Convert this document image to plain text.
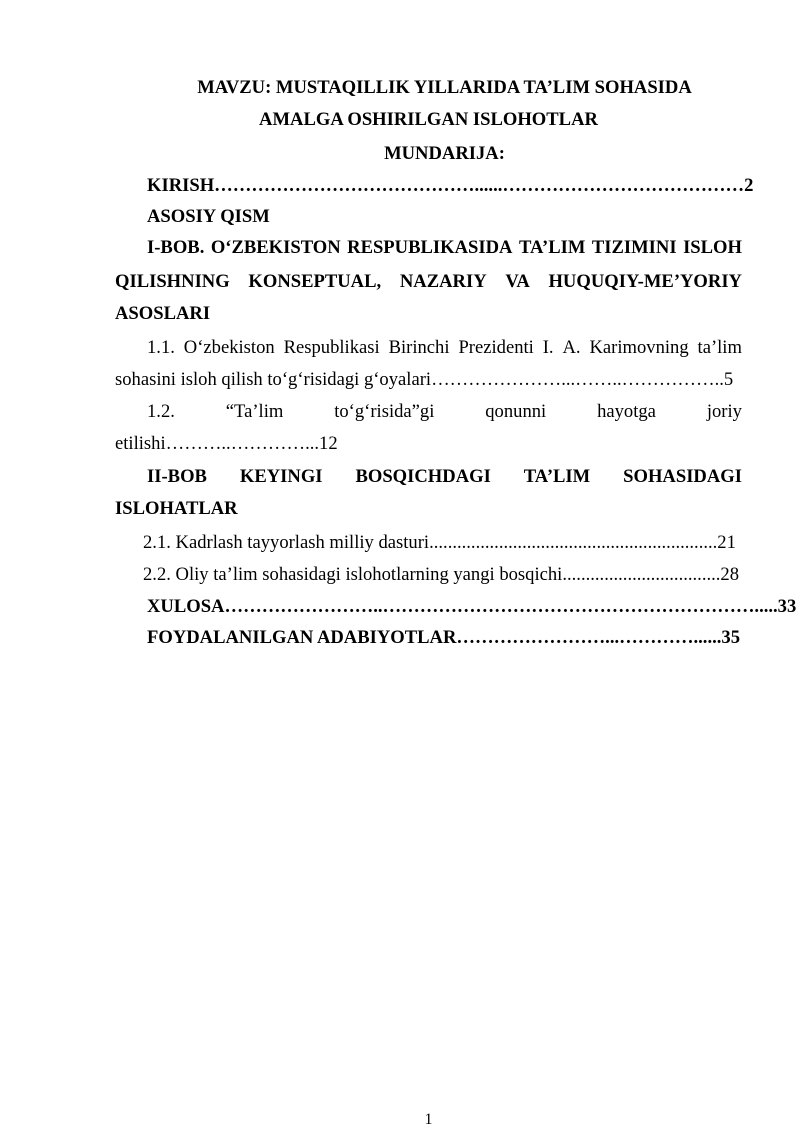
MAVZU: MUSTAQILLIK YILLARIDA TA’LIM SOHASIDA
AMALGA OSHIRILGAN ISLOHOTLAR
MUNDARIJA:
KIRISH……………………………………......…………………………………2
ASOSIY QISM
I-BOB. O‘ZBEKISTON RESPUBLIKASIDA TA’LIM TIZIMINI ISLOH
QILISHNING KONSEPTUAL, NAZARIY VA HUQUQIY-ME’YORIY
ASOSLARI
1.1. O‘zbekiston Respublikasi Birinchi Prezidenti I. A. Karimovning ta’lim
sohasini isloh qilish to‘g‘risidagi g‘oyalari…………………...……..……………..5
1.2.	“Ta’lim	to‘g‘risida”gi	qonunni	hayotga	joriy
etilishi………..…………...12
II-BOB KEYINGI BOSQICHDAGI TA’LIM SOHASIDAGI
ISLOHATLAR
2.1. Kadrlash tayyorlash milliy dasturi..............................................................21
2.2. Oliy ta’lim sohasidagi islohotlarning yangi bosqichi..................................28
XULOSA……………………..…………………………………………………….....33
FOYDALANILGAN ADABIYOTLAR……………………...…………......35
1
